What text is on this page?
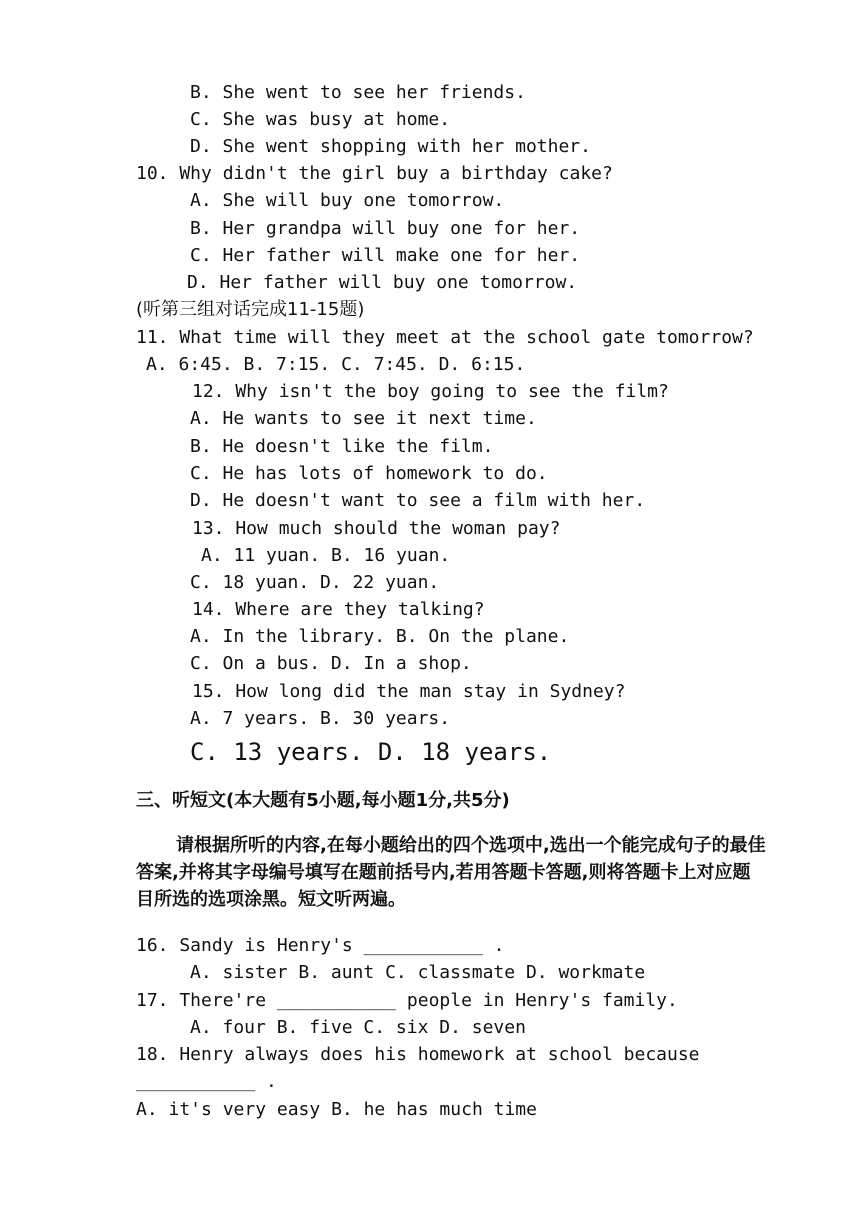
B. She went to see her friends.
C. She was busy at home.
D. She went shopping with her mother.
10. Why didn't the girl buy a birthday cake?
A. She will buy one tomorrow.
B. Her grandpa will buy one for her.
C. Her father will make one for her.
D. Her father will buy one tomorrow.
(听第三组对话完成11-15题)
11. What time will they meet at the school gate tomorrow?
A. 6:45. B. 7:15. C. 7:45. D. 6:15.
12. Why isn't the boy going to see the film?
A. He wants to see it next time.
B. He doesn't like the film.
C. He has lots of homework to do.
D. He doesn't want to see a film with her.
13. How much should the woman pay?
A. 11 yuan. B. 16 yuan.
C. 18 yuan. D. 22 yuan.
14. Where are they talking?
A. In the library. B. On the plane.
C. On a bus. D. In a shop.
15. How long did the man stay in Sydney?
A. 7 years. B. 30 years.
C. 13 years. D. 18 years.
三、听短文(本大题有5小题,每小题1分,共5分)
请根据所听的内容,在每小题给出的四个选项中,选出一个能完成句子的最佳答案,并将其字母编号填写在题前括号内,若用答题卡答题,则将答题卡上对应题目所选的选项涂黑。短文听两遍。
16. Sandy is Henry's ___________ .
A. sister B. aunt C. classmate D. workmate
17. There're ___________ people in Henry's family.
A. four B. five C. six D. seven
18. Henry always does his homework at school because
___________ .
A. it's very easy B. he has much time
